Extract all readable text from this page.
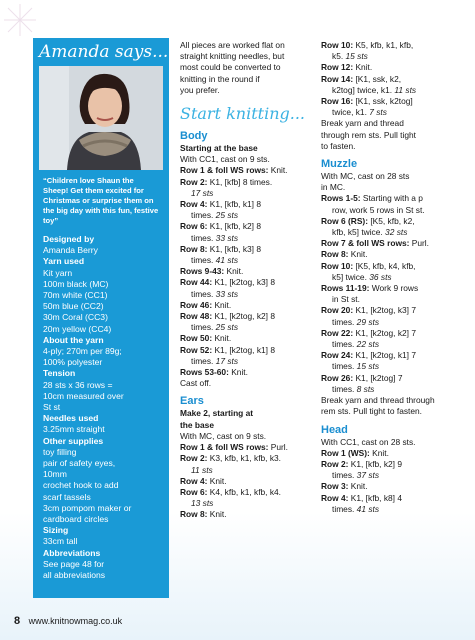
Amanda says...
“Children love Shaun the Sheep! Get them excited for Christmas or surprise them on the big day with this fun, festive toy”
Designed by
Amanda Berry
Yarn used
Kit yarn
100m black (MC)
70m white (CC1)
50m blue (CC2)
30m Coral (CC3)
20m yellow (CC4)
About the yarn
4-ply; 270m per 89g;
100% polyester
Tension
28 sts x 36 rows =
10cm measured over
St st
Needles used
3.25mm straight
Other supplies
toy filling
pair of safety eyes,
10mm
crochet hook to add
scarf tassels
3cm pompom maker or
cardboard circles
Sizing
33cm tall
Abbreviations
See page 48 for
all abbreviations
All pieces are worked flat on
straight knitting needles, but
most could be converted to
knitting in the round if
you prefer.
Start knitting...
Body
Starting at the base
With CC1, cast on 9 sts.
Row 1 & foll WS rows: Knit.
Row 2: K1, [kfb] 8 times.
17 sts
Row 4: K1, [kfb, k1] 8
times. 25 sts
Row 6: K1, [kfb, k2] 8
times. 33 sts
Row 8: K1, [kfb, k3] 8
times. 41 sts
Rows 9-43: Knit.
Row 44: K1, [k2tog, k3] 8
times. 33 sts
Row 46: Knit.
Row 48: K1, [k2tog, k2] 8
times. 25 sts
Row 50: Knit.
Row 52: K1, [k2tog, k1] 8
times. 17 sts
Rows 53-60: Knit.
Cast off.
Ears
Make 2, starting at
the base
With MC, cast on 9 sts.
Row 1 & foll WS rows: Purl.
Row 2: K3, kfb, k1, kfb, k3.
11 sts
Row 4: Knit.
Row 6: K4, kfb, k1, kfb, k4.
13 sts
Row 8: Knit.
Row 10: K5, kfb, k1, kfb,
k5. 15 sts
Row 12: Knit.
Row 14: [K1, ssk, k2,
k2tog] twice, k1. 11 sts
Row 16: [K1, ssk, k2tog]
twice, k1. 7 sts
Break yarn and thread
through rem sts. Pull tight
to fasten.
Muzzle
With MC, cast on 28 sts
in MC.
Rows 1-5: Starting with a p
row, work 5 rows in St st.
Row 6 (RS): [K5, kfb, k2,
kfb, k5] twice. 32 sts
Row 7 & foll WS rows: Purl.
Row 8: Knit.
Row 10: [K5, kfb, k4, kfb,
k5] twice. 36 sts
Rows 11-19: Work 9 rows
in St st.
Row 20: K1, [k2tog, k3] 7
times. 29 sts
Row 22: K1, [k2tog, k2] 7
times. 22 sts
Row 24: K1, [k2tog, k1] 7
times. 15 sts
Row 26: K1, [k2tog] 7
times. 8 sts
Break yarn and thread through
rem sts. Pull tight to fasten.
Head
With CC1, cast on 28 sts.
Row 1 (WS): Knit.
Row 2: K1, [kfb, k2] 9
times. 37 sts
Row 3: Knit.
Row 4: K1, [kfb, k8] 4
times. 41 sts
8 www.knitnowmag.co.uk
